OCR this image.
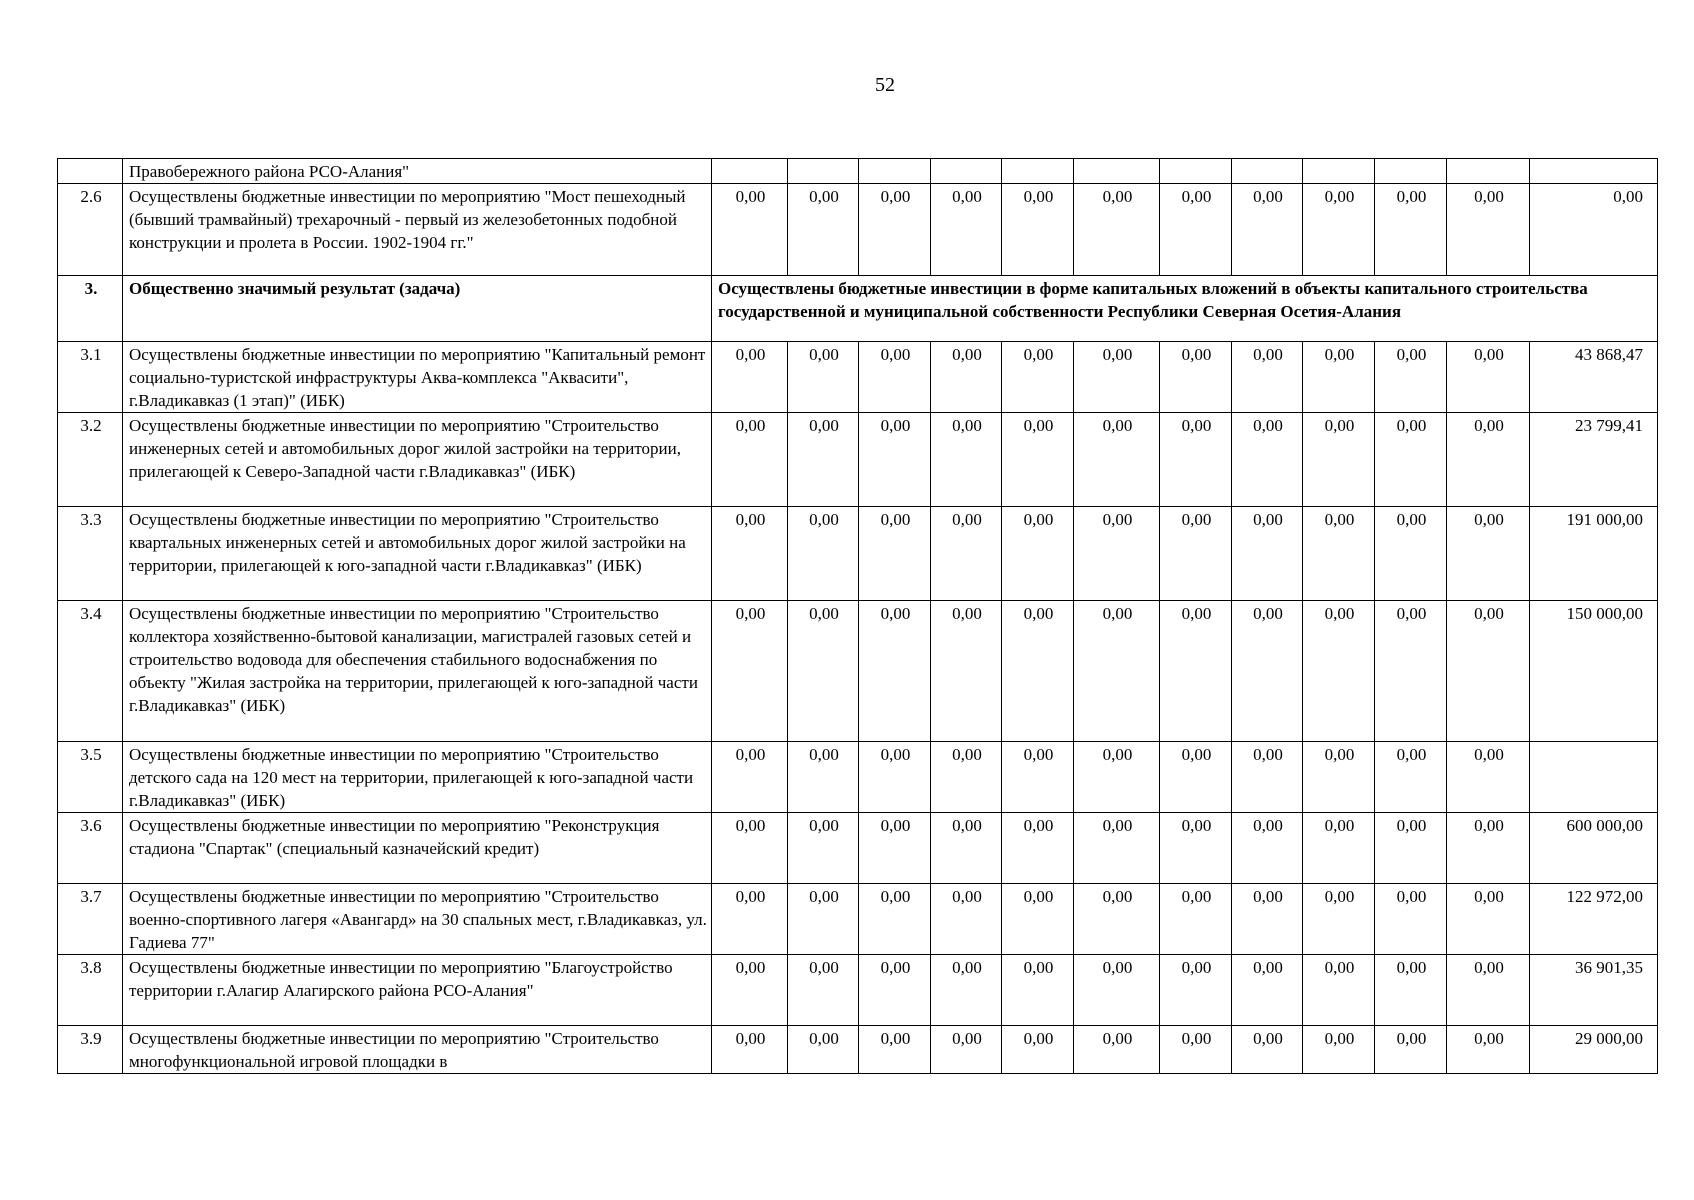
52
	Правобережного района РСО-Алания"												
2.6	Осуществлены бюджетные инвестиции по мероприятию "Мост пешеходный (бывший трамвайный) трехарочный - первый из железобетонных подобной конструкции и пролета в России. 1902-1904 гг."	0,00	0,00	0,00	0,00	0,00	0,00	0,00	0,00	0,00	0,00	0,00	0,00
3.	Общественно значимый результат (задача)	Осуществлены бюджетные инвестиции в форме капитальных вложений в объекты капитального строительства государственной и муниципальной собственности Республики Северная Осетия-Алания											
3.1	Осуществлены бюджетные инвестиции по мероприятию "Капитальный ремонт социально-туристской инфраструктуры Аква-комплекса "Аквасити", г.Владикавказ (1 этап)" (ИБК)	0,00	0,00	0,00	0,00	0,00	0,00	0,00	0,00	0,00	0,00	0,00	43 868,47
3.2	Осуществлены бюджетные инвестиции по мероприятию "Строительство инженерных сетей и автомобильных дорог жилой застройки на территории, прилегающей к Северо-Западной части г.Владикавказ" (ИБК)	0,00	0,00	0,00	0,00	0,00	0,00	0,00	0,00	0,00	0,00	0,00	23 799,41
3.3	Осуществлены бюджетные инвестиции по мероприятию "Строительство квартальных инженерных сетей и автомобильных дорог жилой застройки на территории, прилегающей к юго-западной части г.Владикавказ" (ИБК)	0,00	0,00	0,00	0,00	0,00	0,00	0,00	0,00	0,00	0,00	0,00	191 000,00
3.4	Осуществлены бюджетные инвестиции по мероприятию "Строительство коллектора хозяйственно-бытовой канализации, магистралей газовых сетей и строительство водовода для обеспечения стабильного водоснабжения по объекту "Жилая застройка на территории, прилегающей к юго-западной части г.Владикавказ" (ИБК)	0,00	0,00	0,00	0,00	0,00	0,00	0,00	0,00	0,00	0,00	0,00	150 000,00
3.5	Осуществлены бюджетные инвестиции по мероприятию "Строительство детского сада на 120 мест на территории, прилегающей к юго-западной части г.Владикавказ" (ИБК)	0,00	0,00	0,00	0,00	0,00	0,00	0,00	0,00	0,00	0,00	0,00	
3.6	Осуществлены бюджетные инвестиции по мероприятию "Реконструкция стадиона "Спартак" (специальный казначейский кредит)	0,00	0,00	0,00	0,00	0,00	0,00	0,00	0,00	0,00	0,00	0,00	600 000,00
3.7	Осуществлены бюджетные инвестиции по мероприятию "Строительство военно-спортивного лагеря «Авангард» на 30 спальных мест, г.Владикавказ, ул. Гадиева 77"	0,00	0,00	0,00	0,00	0,00	0,00	0,00	0,00	0,00	0,00	0,00	122 972,00
3.8	Осуществлены бюджетные инвестиции по мероприятию "Благоустройство территории г.Алагир Алагирского района РСО-Алания"	0,00	0,00	0,00	0,00	0,00	0,00	0,00	0,00	0,00	0,00	0,00	36 901,35
3.9	Осуществлены бюджетные инвестиции по мероприятию "Строительство многофункциональной игровой площадки в	0,00	0,00	0,00	0,00	0,00	0,00	0,00	0,00	0,00	0,00	0,00	29 000,00
